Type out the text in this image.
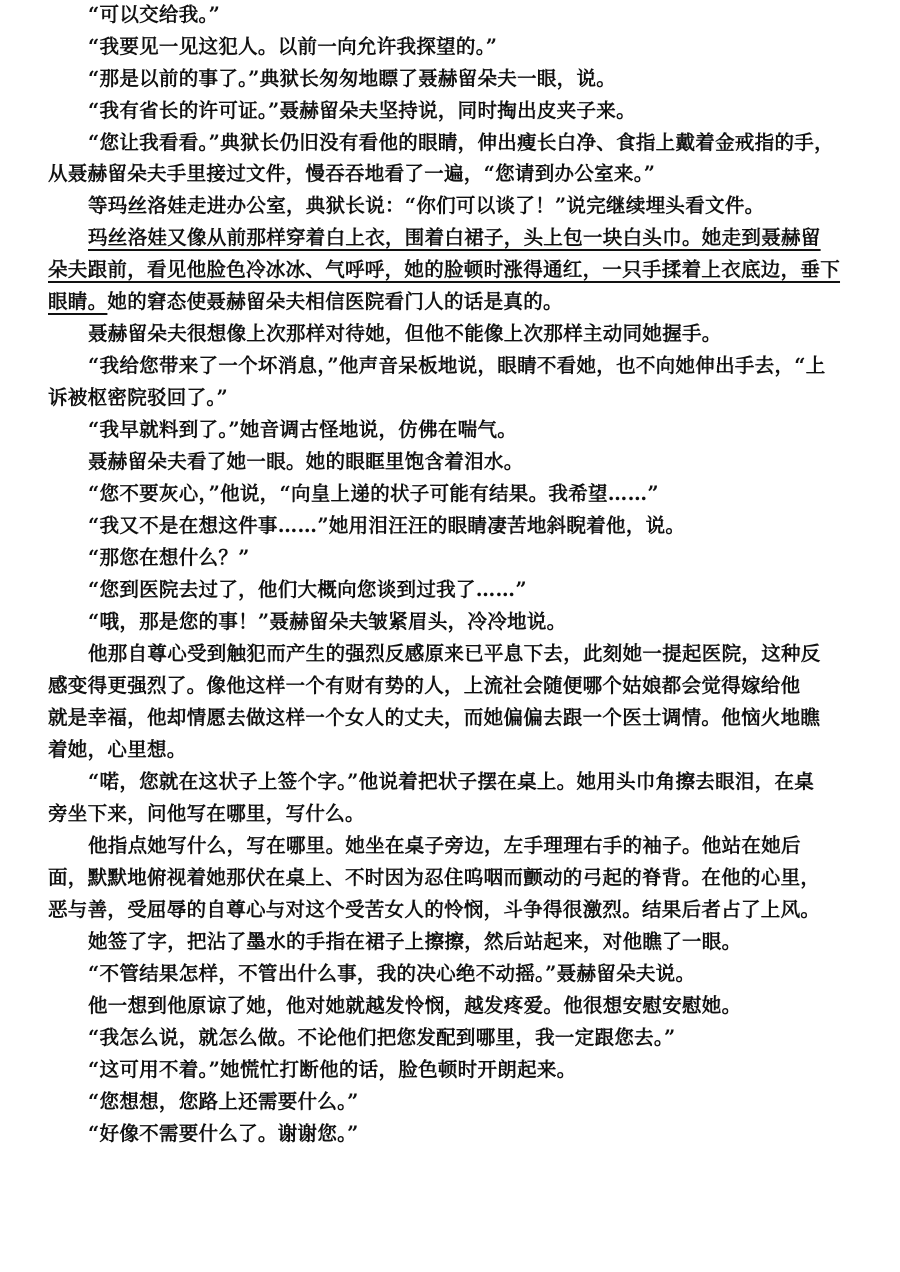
“可以交给我。”
“我要见一见这犯人。以前一向允许我探望的。”
“那是以前的事了。”典狱长匆匆地瞟了聂赫留朵夫一眼，说。
“我有省长的许可证。”聂赫留朵夫坚持说，同时掏出皮夹子来。
“您让我看看。”典狱长仍旧没有看他的眼睛，伸出瘦长白净、食指上戴着金戒指的手，
从聂赫留朵夫手里接过文件，慢吞吞地看了一遍，“您请到办公室来。”
等玛丝洛娃走进办公室，典狱长说：“你们可以谈了！”说完继续埋头看文件。
玛丝洛娃又像从前那样穿着白上衣，围着白裙子，头上包一块白头巾。她走到聂赫留
朵夫跟前，看见他脸色冷冰冰、气呼呼，她的脸顿时涨得通红，一只手揉着上衣底边，垂下
眼睛。她的窘态使聂赫留朵夫相信医院看门人的话是真的。
聂赫留朵夫很想像上次那样对待她，但他不能像上次那样主动同她握手。
“我给您带来了一个坏消息，”他声音呆板地说，眼睛不看她，也不向她伸出手去，“上
诉被枢密院驳回了。”
“我早就料到了。”她音调古怪地说，仿佛在喘气。
聂赫留朵夫看了她一眼。她的眼眶里饱含着泪水。
“您不要灰心，”他说，“向皇上递的状子可能有结果。我希望……”
“我又不是在想这件事……”她用泪汪汪的眼睛凄苦地斜睨着他，说。
“那您在想什么？”
“您到医院去过了，他们大概向您谈到过我了……”
“哦，那是您的事！”聂赫留朵夫皱紧眉头，冷冷地说。
他那自尊心受到触犯而产生的强烈反感原来已平息下去，此刻她一提起医院，这种反
感变得更强烈了。像他这样一个有财有势的人，上流社会随便哪个姑娘都会觉得嫁给他
就是幸福，他却情愿去做这样一个女人的丈夫，而她偏偏去跟一个医士调情。他恼火地瞧
着她，心里想。
“喏，您就在这状子上签个字。”他说着把状子摆在桌上。她用头巾角擦去眼泪，在桌
旁坐下来，问他写在哪里，写什么。
他指点她写什么，写在哪里。她坐在桌子旁边，左手理理右手的袖子。他站在她后
面，默默地俯视着她那伏在桌上、不时因为忍住呜咽而颤动的弓起的脊背。在他的心里，
恶与善，受屈辱的自尊心与对这个受苦女人的怜悯，斗争得很激烈。结果后者占了上风。
她签了字，把沾了墨水的手指在裙子上擦擦，然后站起来，对他瞧了一眼。
“不管结果怎样，不管出什么事，我的决心绝不动摇。”聂赫留朵夫说。
他一想到他原谅了她，他对她就越发怜悯，越发疼爱。他很想安慰安慰她。
“我怎么说，就怎么做。不论他们把您发配到哪里，我一定跟您去。”
“这可用不着。”她慌忙打断他的话，脸色顿时开朗起来。
“您想想，您路上还需要什么。”
“好像不需要什么了。谢谢您。”
